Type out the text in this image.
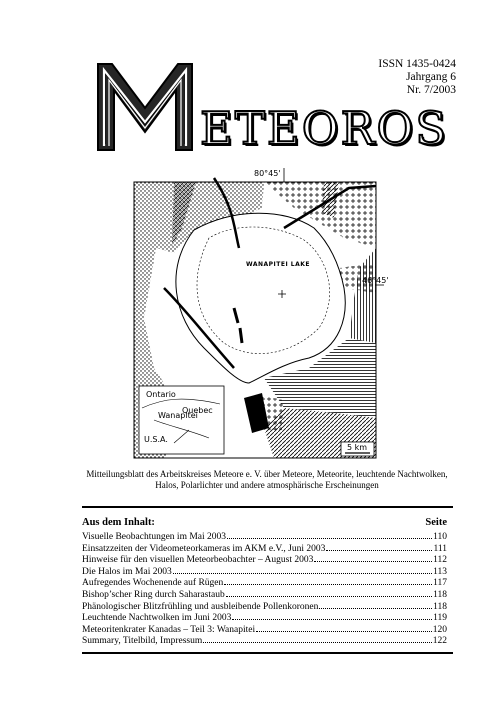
ISSN 1435-0424
Jahrgang 6
Nr. 7/2003
ETEOROS
WANAPITEI LAKE
80°45'
46°45'
Ontario
Quebec
Wanapitei
U.S.A.
5 km
Mitteilungsblatt des Arbeitskreises Meteore e. V. über Meteore, Meteorite, leuchtende Nachtwolken, Halos, Polarlichter und andere atmosphärische Erscheinungen
Aus dem Inhalt:	Seite
Visuelle Beobachtungen im Mai 2003	110
Einsatzzeiten der Videometeorkameras im AKM e.V., Juni 2003	111
Hinweise für den visuellen Meteorbeobachter – August 2003	112
Die Halos im Mai 2003	113
Aufregendes Wochenende auf Rügen	117
Bishop’scher Ring durch Saharastaub	118
Phänologischer Blitzfrühling und ausbleibende Pollenkoronen	118
Leuchtende Nachtwolken im Juni 2003	119
Meteoritenkrater Kanadas – Teil 3: Wanapitei	120
Summary, Titelbild, Impressum	122
